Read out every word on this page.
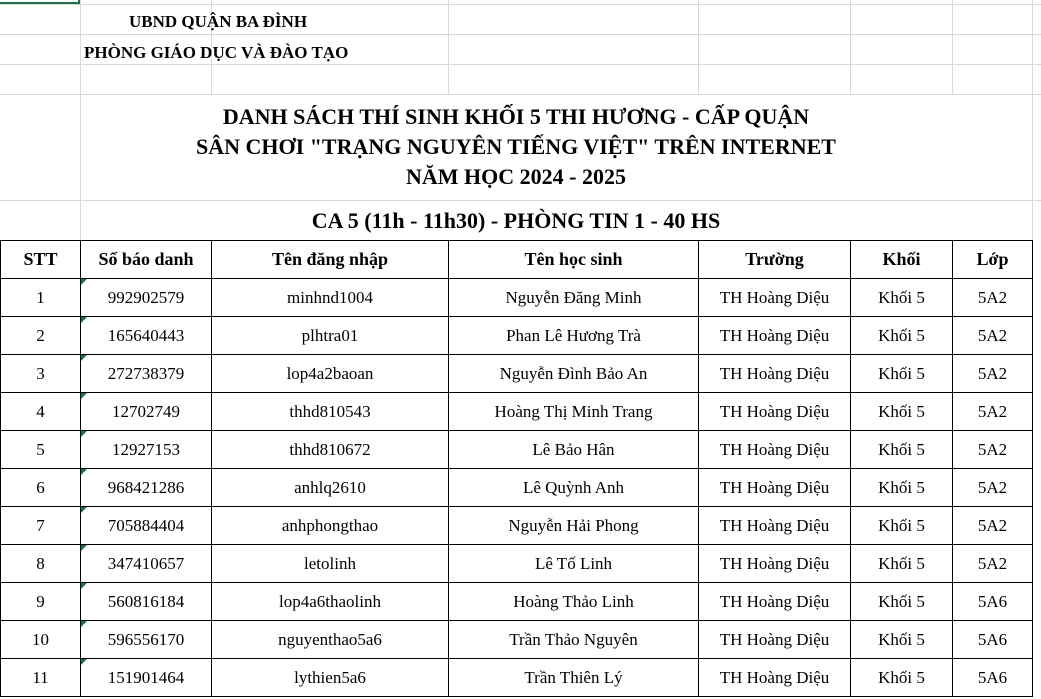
UBND QUẬN BA ĐÌNH
PHÒNG GIÁO DỤC VÀ ĐÀO TẠO
DANH SÁCH THÍ SINH KHỐI 5 THI HƯƠNG - CẤP QUẬN
SÂN CHƠI "TRẠNG NGUYÊN TIẾNG VIỆT" TRÊN INTERNET
NĂM HỌC 2024 - 2025
CA 5 (11h - 11h30) - PHÒNG TIN 1 - 40 HS
STT	Số báo danh	Tên đăng nhập	Tên học sinh	Trường	Khối	Lớp
1	992902579	minhnd1004	Nguyễn Đăng Minh	TH Hoàng Diệu	Khối 5	5A2
2	165640443	plhtra01	Phan Lê Hương Trà	TH Hoàng Diệu	Khối 5	5A2
3	272738379	lop4a2baoan	Nguyễn Đình Bảo An	TH Hoàng Diệu	Khối 5	5A2
4	12702749	thhd810543	Hoàng Thị Minh Trang	TH Hoàng Diệu	Khối 5	5A2
5	12927153	thhd810672	Lê Bảo Hân	TH Hoàng Diệu	Khối 5	5A2
6	968421286	anhlq2610	Lê Quỳnh Anh	TH Hoàng Diệu	Khối 5	5A2
7	705884404	anhphongthao	Nguyễn Hải Phong	TH Hoàng Diệu	Khối 5	5A2
8	347410657	letolinh	Lê Tố Linh	TH Hoàng Diệu	Khối 5	5A2
9	560816184	lop4a6thaolinh	Hoàng Thảo Linh	TH Hoàng Diệu	Khối 5	5A6
10	596556170	nguyenthao5a6	Trần Thảo Nguyên	TH Hoàng Diệu	Khối 5	5A6
11	151901464	lythien5a6	Trần Thiên Lý	TH Hoàng Diệu	Khối 5	5A6
